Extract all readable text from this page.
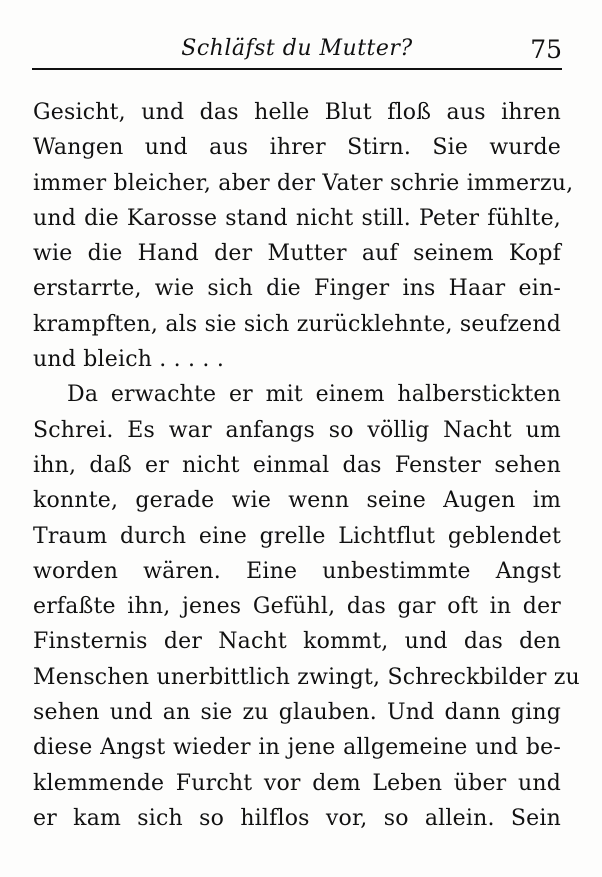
Schläfst du Mutter?	75
Gesicht, und das helle Blut floß aus ihren
Wangen und aus ihrer Stirn. Sie wurde
immer bleicher, aber der Vater schrie immerzu,
und die Karosse stand nicht still. Peter fühlte,
wie die Hand der Mutter auf seinem Kopf
erstarrte, wie sich die Finger ins Haar ein-
krampften, als sie sich zurücklehnte, seufzend
und bleich . . . . .
Da erwachte er mit einem halberstickten
Schrei. Es war anfangs so völlig Nacht um
ihn, daß er nicht einmal das Fenster sehen
konnte, gerade wie wenn seine Augen im
Traum durch eine grelle Lichtflut geblendet
worden wären. Eine unbestimmte Angst
erfaßte ihn, jenes Gefühl, das gar oft in der
Finsternis der Nacht kommt, und das den
Menschen unerbittlich zwingt, Schreckbilder zu
sehen und an sie zu glauben. Und dann ging
diese Angst wieder in jene allgemeine und be-
klemmende Furcht vor dem Leben über und
er kam sich so hilflos vor, so allein. Sein
